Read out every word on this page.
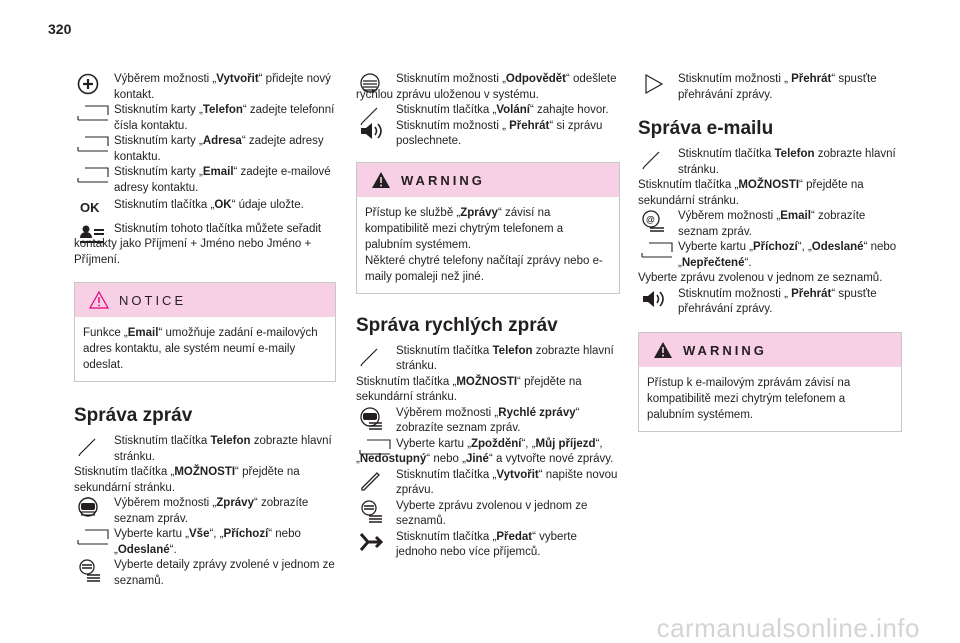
320
Výběrem možnosti „Vytvořit“ přidejte nový kontakt.
Stisknutím karty „Telefon“ zadejte telefonní čísla kontaktu.
Stisknutím karty „Adresa“ zadejte adresy kontaktu.
Stisknutím karty „Email“ zadejte e-mailové adresy kontaktu.
OK	Stisknutím tlačítka „OK“ údaje uložte.
Stisknutím tohoto tlačítka můžete seřadit kontakty jako Příjmení + Jméno nebo Jméno + Příjmení.
NOTICE
Funkce „Email“ umožňuje zadání e-mailových adres kontaktu, ale systém neumí e-maily odeslat.
Správa zpráv
Stisknutím tlačítka Telefon zobrazte hlavní stránku.
Stisknutím tlačítka „MOŽNOSTI“ přejděte na sekundární stránku.
Výběrem možnosti „Zprávy“ zobrazíte seznam zpráv.
Vyberte kartu „Vše“, „Příchozí“ nebo „Odeslané“.
Vyberte detaily zprávy zvolené v jednom ze seznamů.
Stisknutím možnosti „Odpovědět“ odešlete rychlou zprávu uloženou v systému.
Stisknutím tlačítka „Volání“ zahajte hovor.
Stisknutím možnosti „ Přehrát“ si zprávu poslechnete.
WARNING
Přístup ke službě „Zprávy“ závisí na kompatibilitě mezi chytrým telefonem a palubním systémem.
Některé chytré telefony načítají zprávy nebo e-maily pomaleji než jiné.
Správa rychlých zpráv
Stisknutím tlačítka Telefon zobrazte hlavní stránku.
Stisknutím tlačítka „MOŽNOSTI“ přejděte na sekundární stránku.
Výběrem možnosti „Rychlé zprávy“ zobrazíte seznam zpráv.
Vyberte kartu „Zpoždění“, „Můj příjezd“, „Nedostupný“ nebo „Jiné“ a vytvořte nové zprávy.
Stisknutím tlačítka „Vytvořit“ napište novou zprávu.
Vyberte zprávu zvolenou v jednom ze seznamů.
Stisknutím tlačítka „Předat“ vyberte jednoho nebo více příjemců.
Stisknutím možnosti „ Přehrát“ spusťte přehrávání zprávy.
Správa e-mailu
Stisknutím tlačítka Telefon zobrazte hlavní stránku.
Stisknutím tlačítka „MOŽNOSTI“ přejděte na sekundární stránku.
@ Výběrem možnosti „Email“ zobrazíte seznam zpráv.
Vyberte kartu „Příchozí“, „Odeslané“ nebo „Nepřečtené“.
Vyberte zprávu zvolenou v jednom ze seznamů.
Stisknutím možnosti „ Přehrát“ spusťte přehrávání zprávy.
WARNING
Přístup k e-mailovým zprávám závisí na kompatibilitě mezi chytrým telefonem a palubním systémem.
carmanualsonline.info
